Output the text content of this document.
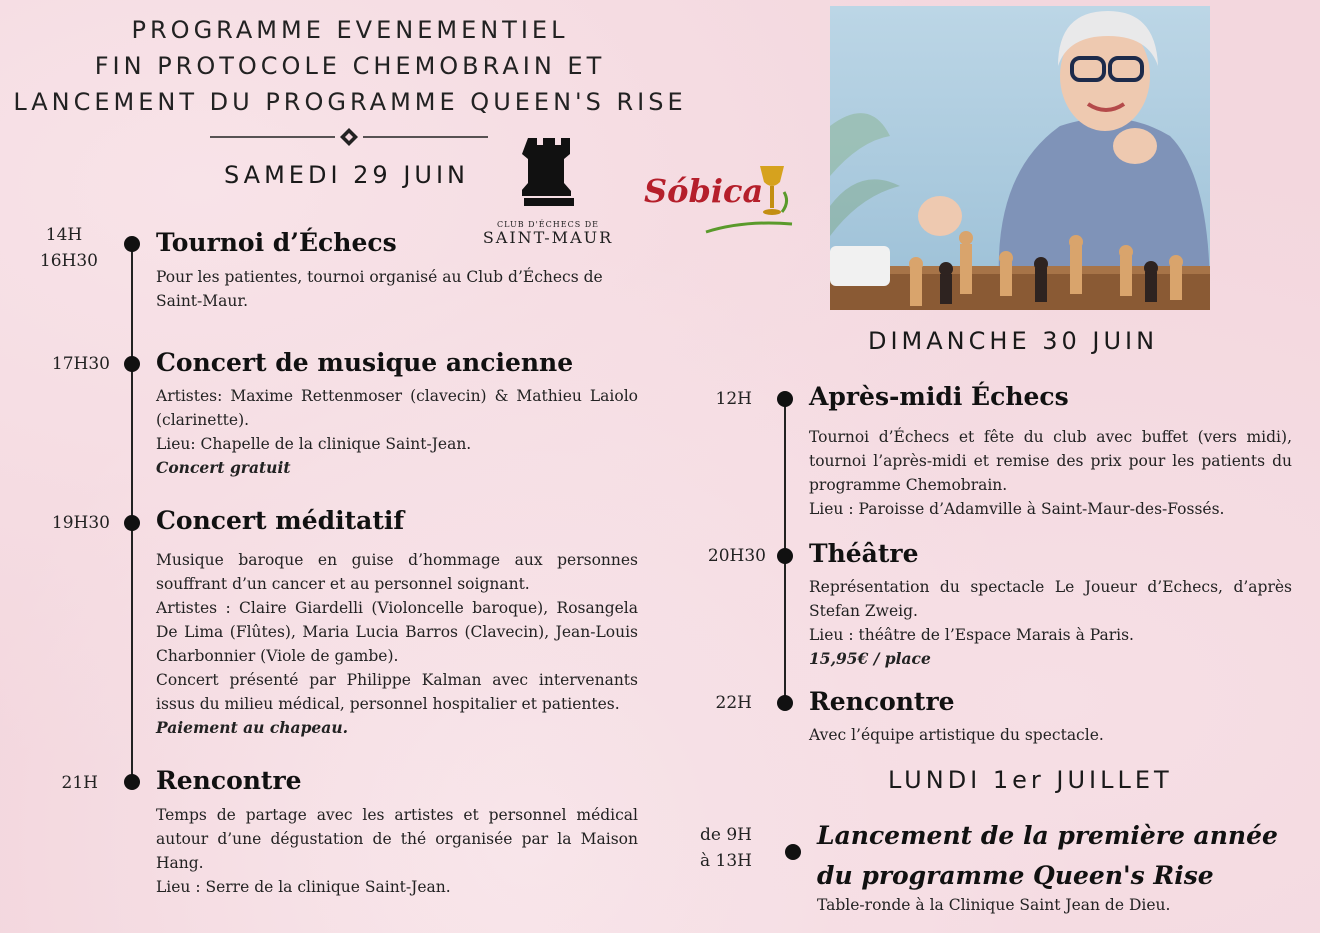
PROGRAMME EVENEMENTIEL
FIN PROTOCOLE CHEMOBRAIN ET
LANCEMENT DU PROGRAMME QUEEN'S RISE
SAMEDI 29 JUIN
CLUB D'ÉCHECS DE
SAINT-MAUR
Sóbica
14H
16H30
Tournoi d’Échecs

Pour les patientes, tournoi organisé au Club d’Échecs de Saint-Maur.

17H30 Concert de musique ancienne

Artistes: Maxime Rettenmoser (clavecin) & Mathieu Laiolo (clarinette).

Lieu: Chapelle de la clinique Saint-Jean.

Concert gratuit

19H30 Concert méditatif

Musique baroque en guise d’hommage aux personnes souffrant d’un cancer et au personnel soignant.

Artistes : Claire Giardelli (Violoncelle baroque), Rosangela De Lima (Flûtes), Maria Lucia Barros (Clavecin), Jean-Louis Charbonnier (Viole de gambe).

Concert présenté par Philippe Kalman avec intervenants issus du milieu médical, personnel hospitalier et patientes.

Paiement au chapeau.

21H Rencontre

Temps de partage avec les artistes et personnel médical autour d’une dégustation de thé organisée par la Maison Hang.

Lieu : Serre de la clinique Saint-Jean.

DIMANCHE 30 JUIN
12H Après-midi Échecs

Tournoi d’Échecs et fête du club avec buffet (vers midi), tournoi l’après-midi et remise des prix pour les patients du programme Chemobrain.

Lieu : Paroisse d’Adamville à Saint-Maur-des-Fossés.

20H30 Théâtre

Représentation du spectacle Le Joueur d’Echecs, d’après Stefan Zweig.

Lieu : théâtre de l’Espace Marais à Paris.

15,95€ / place

22H Rencontre

Avec l’équipe artistique du spectacle.

LUNDI 1er JUILLET
de 9H
à 13H
Lancement de la première année
du programme Queen's Rise
Table-ronde à la Clinique Saint Jean de Dieu.
